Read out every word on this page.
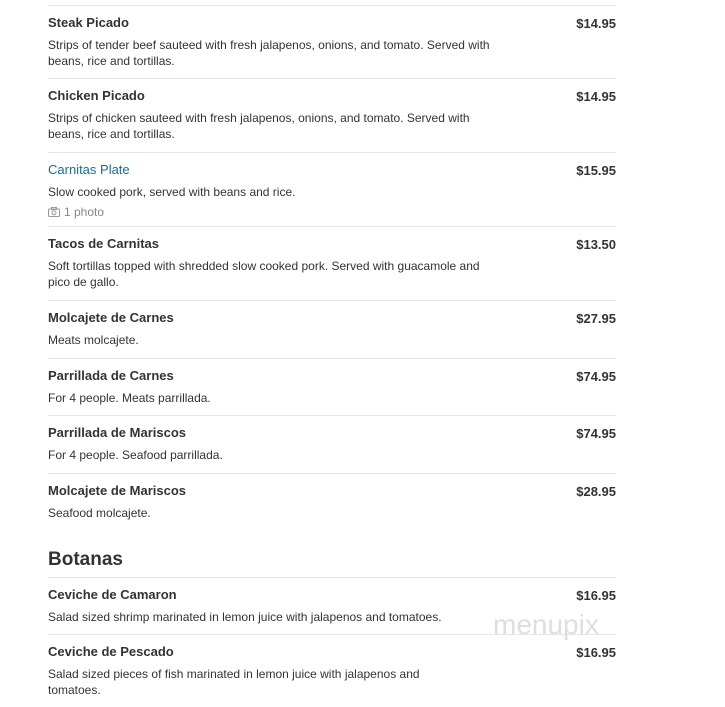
Steak Picado	$14.95
Strips of tender beef sauteed with fresh jalapenos, onions, and tomato. Served with beans, rice and tortillas.
Chicken Picado	$14.95
Strips of chicken sauteed with fresh jalapenos, onions, and tomato. Served with beans, rice and tortillas.
Carnitas Plate	$15.95
Slow cooked pork, served with beans and rice.
1 photo
Tacos de Carnitas	$13.50
Soft tortillas topped with shredded slow cooked pork. Served with guacamole and pico de gallo.
Molcajete de Carnes	$27.95
Meats molcajete.
Parrillada de Carnes	$74.95
For 4 people. Meats parrillada.
Parrillada de Mariscos	$74.95
For 4 people. Seafood parrillada.
Molcajete de Mariscos	$28.95
Seafood molcajete.
Botanas
Ceviche de Camaron	$16.95
Salad sized shrimp marinated in lemon juice with jalapenos and tomatoes.
Ceviche de Pescado	$16.95
Salad sized pieces of fish marinated in lemon juice with jalapenos and tomatoes.
menupix
